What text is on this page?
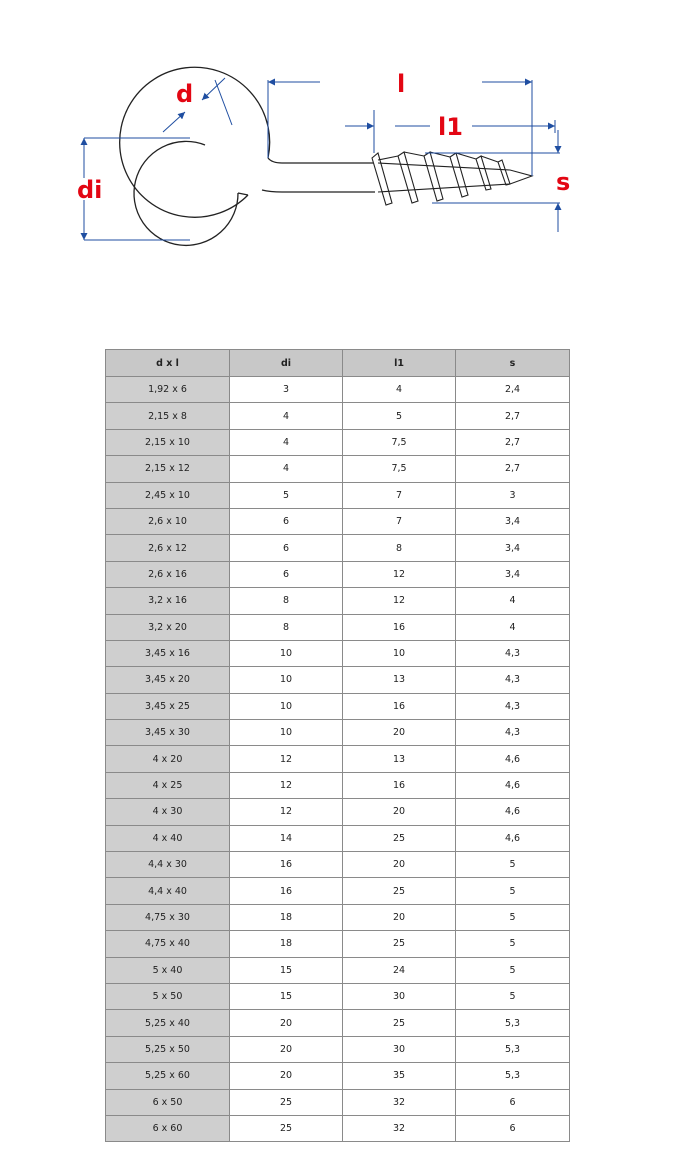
d
di
l
l1
s
d x l	di	l1	s
1,92 x 6	3	4	2,4
2,15 x 8	4	5	2,7
2,15 x 10	4	7,5	2,7
2,15 x 12	4	7,5	2,7
2,45 x 10	5	7	3
2,6 x 10	6	7	3,4
2,6 x 12	6	8	3,4
2,6 x 16	6	12	3,4
3,2 x 16	8	12	4
3,2 x 20	8	16	4
3,45 x 16	10	10	4,3
3,45 x 20	10	13	4,3
3,45 x 25	10	16	4,3
3,45 x 30	10	20	4,3
4 x 20	12	13	4,6
4 x 25	12	16	4,6
4 x 30	12	20	4,6
4 x 40	14	25	4,6
4,4 x 30	16	20	5
4,4 x 40	16	25	5
4,75 x 30	18	20	5
4,75 x 40	18	25	5
5 x 40	15	24	5
5 x 50	15	30	5
5,25 x 40	20	25	5,3
5,25 x 50	20	30	5,3
5,25 x 60	20	35	5,3
6 x 50	25	32	6
6 x 60	25	32	6
